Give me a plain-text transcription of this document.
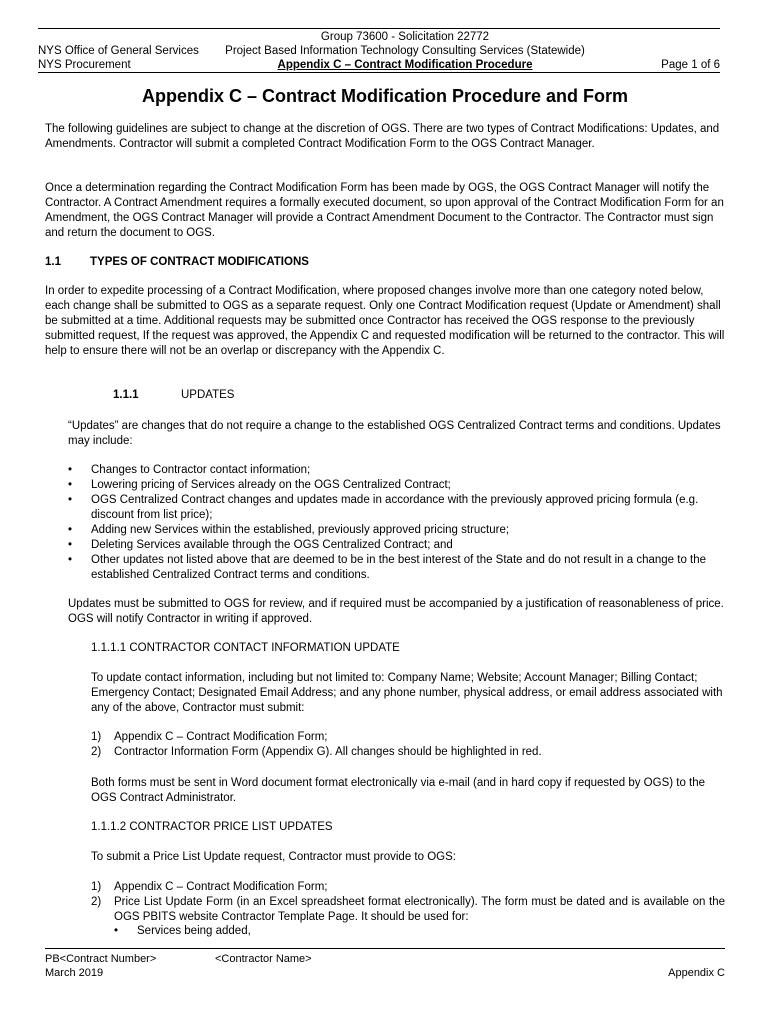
NYS Office of General Services
NYS Procurement
Group 73600 - Solicitation 22772
Project Based Information Technology Consulting Services (Statewide)
Appendix C – Contract Modification Procedure	Page 1 of 6
Appendix C – Contract Modification Procedure and Form
The following guidelines are subject to change at the discretion of OGS. There are two types of Contract Modifications: Updates, and Amendments. Contractor will submit a completed Contract Modification Form to the OGS Contract Manager.
Once a determination regarding the Contract Modification Form has been made by OGS, the OGS Contract Manager will notify the Contractor. A Contract Amendment requires a formally executed document, so upon approval of the Contract Modification Form for an Amendment, the OGS Contract Manager will provide a Contract Amendment Document to the Contractor. The Contractor must sign and return the document to OGS.
1.1	TYPES OF CONTRACT MODIFICATIONS
In order to expedite processing of a Contract Modification, where proposed changes involve more than one category noted below, each change shall be submitted to OGS as a separate request. Only one Contract Modification request (Update or Amendment) shall be submitted at a time. Additional requests may be submitted once Contractor has received the OGS response to the previously submitted request, If the request was approved, the Appendix C and requested modification will be returned to the contractor. This will help to ensure there will not be an overlap or discrepancy with the Appendix C.
1.1.1	UPDATES
“Updates” are changes that do not require a change to the established OGS Centralized Contract terms and conditions. Updates may include:
• Changes to Contractor contact information;
• Lowering pricing of Services already on the OGS Centralized Contract;
• OGS Centralized Contract changes and updates made in accordance with the previously approved pricing formula (e.g. discount from list price);
• Adding new Services within the established, previously approved pricing structure;
• Deleting Services available through the OGS Centralized Contract; and
• Other updates not listed above that are deemed to be in the best interest of the State and do not result in a change to the established Centralized Contract terms and conditions.
Updates must be submitted to OGS for review, and if required must be accompanied by a justification of reasonableness of price. OGS will notify Contractor in writing if approved.
1.1.1.1 CONTRACTOR CONTACT INFORMATION UPDATE
To update contact information, including but not limited to: Company Name; Website; Account Manager; Billing Contact; Emergency Contact; Designated Email Address; and any phone number, physical address, or email address associated with any of the above, Contractor must submit:
1) Appendix C – Contract Modification Form;
2) Contractor Information Form (Appendix G). All changes should be highlighted in red.
Both forms must be sent in Word document format electronically via e-mail (and in hard copy if requested by OGS) to the OGS Contract Administrator.
1.1.1.2 CONTRACTOR PRICE LIST UPDATES
To submit a Price List Update request, Contractor must provide to OGS:
1) Appendix C – Contract Modification Form;
2) Price List Update Form (in an Excel spreadsheet format electronically). The form must be dated and is available on the OGS PBITS website Contractor Template Page. It should be used for:
• Services being added,
PB<Contract Number>
March 2019
<Contractor Name>
Appendix C
